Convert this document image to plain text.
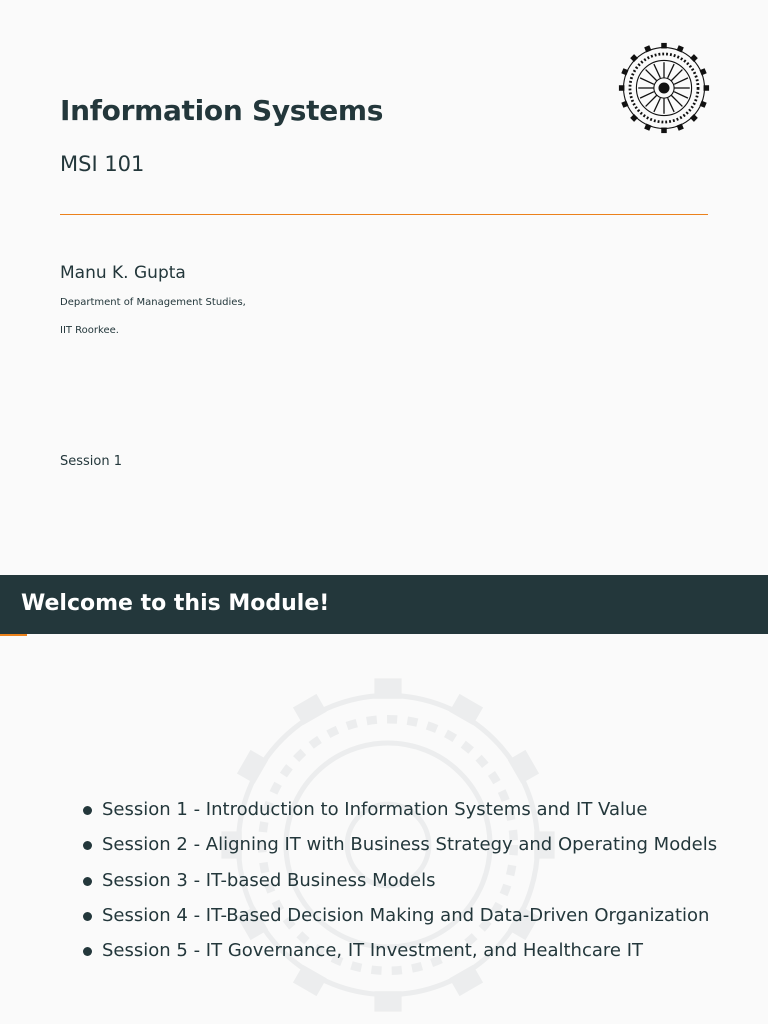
Information Systems
MSI 101
Manu K. Gupta
Department of Management Studies,
IIT Roorkee.
Session 1
Welcome to this Module!
Session 1 - Introduction to Information Systems and IT Value
Session 2 - Aligning IT with Business Strategy and Operating Models
Session 3 - IT-based Business Models
Session 4 - IT-Based Decision Making and Data-Driven Organization
Session 5 - IT Governance, IT Investment, and Healthcare IT
